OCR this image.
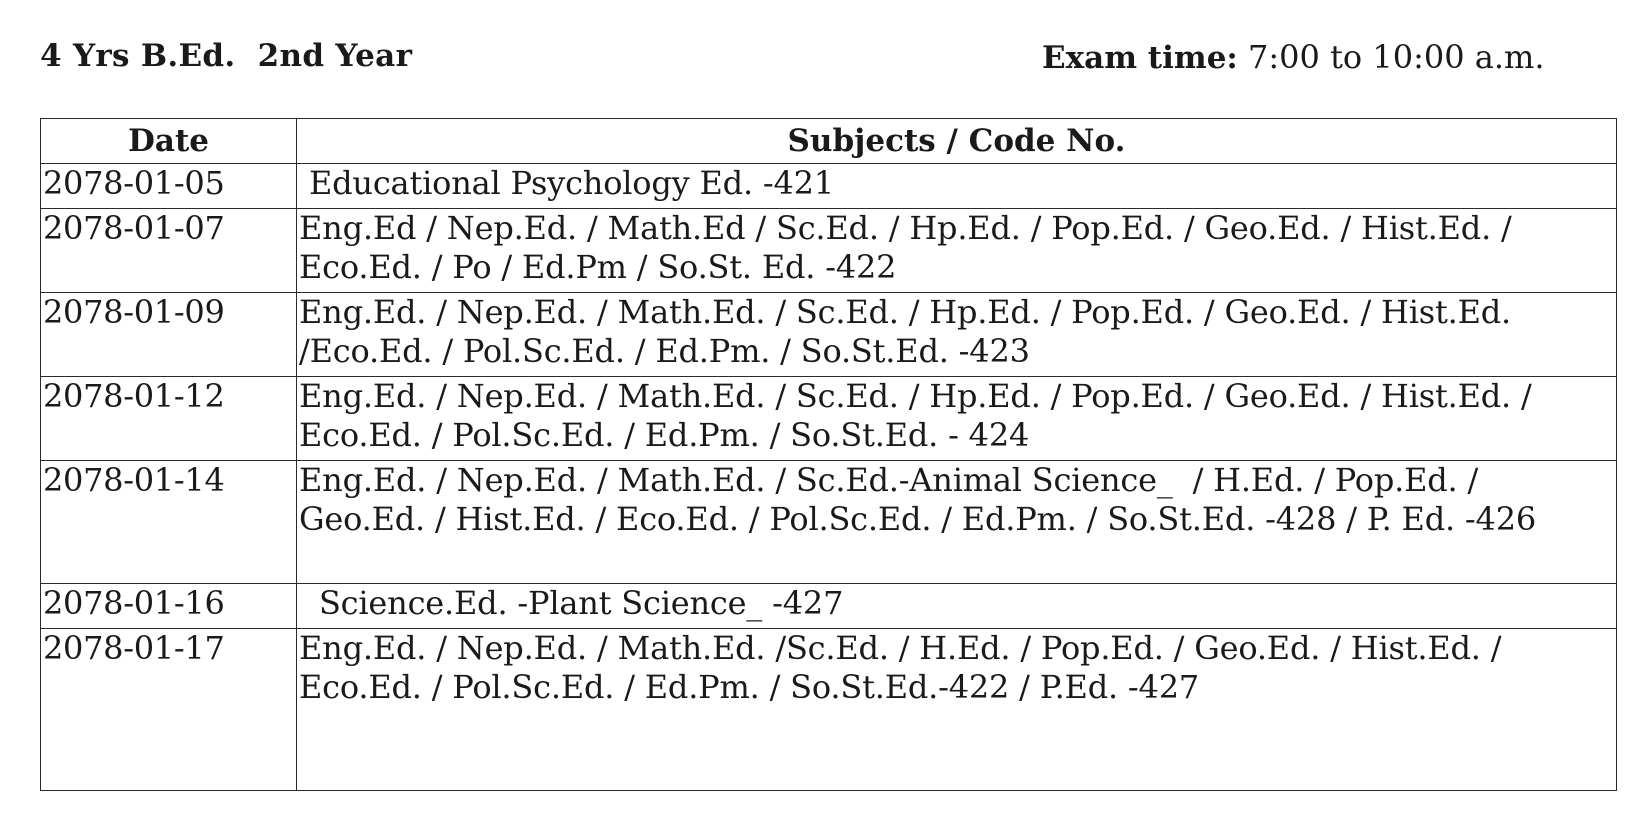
4 Yrs B.Ed.  2nd Year	Exam time: 7:00 to 10:00 a.m.
Date	Subjects / Code No.
2078-01-05	Educational Psychology Ed. -421
2078-01-07	Eng.Ed / Nep.Ed. / Math.Ed / Sc.Ed. / Hp.Ed. / Pop.Ed. / Geo.Ed. / Hist.Ed. / Eco.Ed. / Po / Ed.Pm / So.St. Ed. -422
2078-01-09	Eng.Ed. / Nep.Ed. / Math.Ed. / Sc.Ed. / Hp.Ed. / Pop.Ed. / Geo.Ed. / Hist.Ed. /Eco.Ed. / Pol.Sc.Ed. / Ed.Pm. / So.St.Ed. -423
2078-01-12	Eng.Ed. / Nep.Ed. / Math.Ed. / Sc.Ed. / Hp.Ed. / Pop.Ed. / Geo.Ed. / Hist.Ed. / Eco.Ed. / Pol.Sc.Ed. / Ed.Pm. / So.St.Ed. - 424
2078-01-14	Eng.Ed. / Nep.Ed. / Math.Ed. / Sc.Ed.-Animal Science_  / H.Ed. / Pop.Ed. / Geo.Ed. / Hist.Ed. / Eco.Ed. / Pol.Sc.Ed. / Ed.Pm. / So.St.Ed. -428 / P. Ed. -426
2078-01-16	Science.Ed. -Plant Science_ -427
2078-01-17	Eng.Ed. / Nep.Ed. / Math.Ed. /Sc.Ed. / H.Ed. / Pop.Ed. / Geo.Ed. / Hist.Ed. / Eco.Ed. / Pol.Sc.Ed. / Ed.Pm. / So.St.Ed.-422 / P.Ed. -427
